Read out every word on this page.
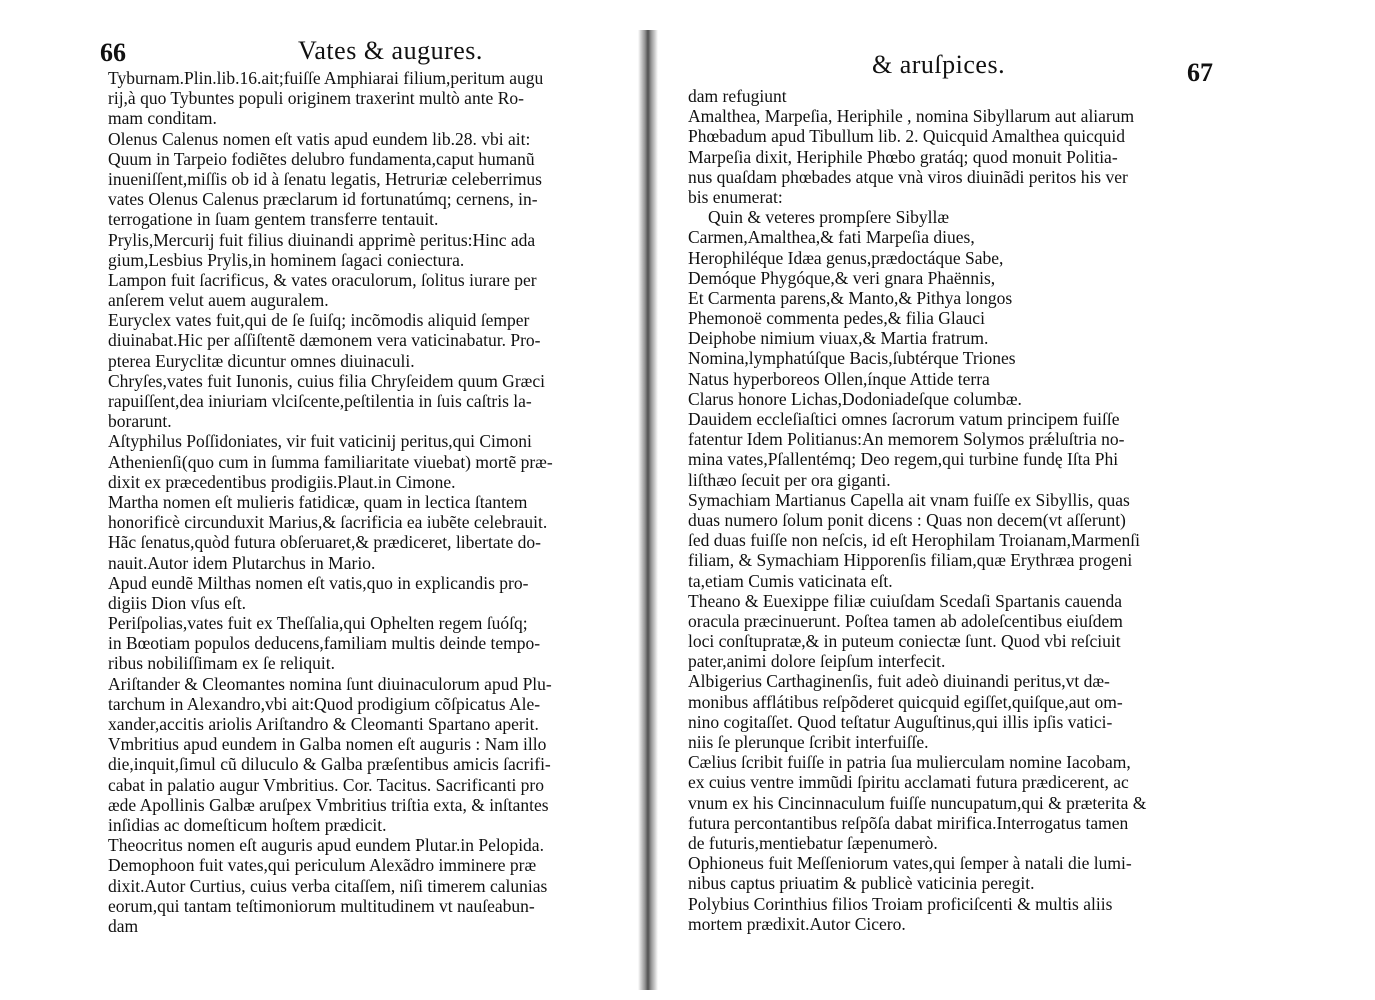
66	Vates & augures.
Tyburnam.Plin.lib.16.ait;fuiſſe Amphiarai filium,peritum augu
rij,à quo Tybuntes populi originem traxerint multò ante Ro-
mam conditam.
Olenus Calenus nomen eſt vatis apud eundem lib.28. vbi ait:
Quum in Tarpeio fodiẽtes delubro fundamenta,caput humanũ
inueniſſent,miſſis ob id à ſenatu legatis, Hetruriæ celeberrimus
vates Olenus Calenus præclarum id fortunatúmq; cernens, in-
terrogatione in ſuam gentem transferre tentauit.
Prylis,Mercurij fuit filius diuinandi apprimè peritus:Hinc ada
gium,Lesbius Prylis,in hominem ſagaci coniectura.
Lampon fuit ſacrificus, & vates oraculorum, ſolitus iurare per
anſerem velut auem auguralem.
Euryclex vates fuit,qui de ſe ſuiſq; incõmodis aliquid ſemper
diuinabat.Hic per aſſiſtentẽ dæmonem vera vaticinabatur. Pro-
pterea Euryclitæ dicuntur omnes diuinaculi.
Chryſes,vates fuit Iunonis, cuius filia Chryſeidem quum Græci
rapuiſſent,dea iniuriam vlciſcente,peſtilentia in ſuis caſtris la-
borarunt.
Aſtyphilus Poſſidoniates, vir fuit vaticinij peritus,qui Cimoni
Athenienſi(quo cum in ſumma familiaritate viuebat) mortẽ præ-
dixit ex præcedentibus prodigiis.Plaut.in Cimone.
Martha nomen eſt mulieris fatidicæ, quam in lectica ſtantem
honorificè circunduxit Marius,& ſacrificia ea iubẽte celebrauit.
Hãc ſenatus,quòd futura obſeruaret,& prædiceret, libertate do-
nauit.Autor idem Plutarchus in Mario.
Apud eundẽ Milthas nomen eſt vatis,quo in explicandis pro-
digiis Dion vſus eſt.
Periſpolias,vates fuit ex Theſſalia,qui Ophelten regem ſuóſq;
in Bœotiam populos deducens,familiam multis deinde tempo-
ribus nobiliſſimam ex ſe reliquit.
Ariſtander & Cleomantes nomina ſunt diuinaculorum apud Plu-
tarchum in Alexandro,vbi ait:Quod prodigium cõſpicatus Ale-
xander,accitis ariolis Ariſtandro & Cleomanti Spartano aperit.
Vmbritius apud eundem in Galba nomen eſt auguris : Nam illo
die,inquit,ſimul cũ diluculo & Galba præſentibus amicis ſacrifi-
cabat in palatio augur Vmbritius. Cor. Tacitus. Sacrificanti pro
æde Apollinis Galbæ aruſpex Vmbritius triſtia exta, & inſtantes
inſidias ac domeſticum hoſtem prædicit.
Theocritus nomen eſt auguris apud eundem Plutar.in Pelopida.
Demophoon fuit vates,qui periculum Alexãdro imminere præ
dixit.Autor Curtius, cuius verba citaſſem, niſi timerem calunias
eorum,qui tantam teſtimoniorum multitudinem vt nauſeabun-
dam
& aruſpices.	67
dam refugiunt
Amalthea, Marpeſia, Heriphile , nomina Sibyllarum aut aliarum
Phœbadum apud Tibullum lib. 2. Quicquid Amalthea quicquid
Marpeſia dixit, Heriphile Phœbo gratáq; quod monuit Politia-
nus quaſdam phœbades atque vnà viros diuinãdi peritos his ver
bis enumerat:
Quin & veteres prompſere Sibyllæ
Carmen,Amalthea,& fati Marpeſia diues,
Herophiléque Idæa genus,prædoctáque Sabe,
Demóque Phygóque,& veri gnara Phaënnis,
Et Carmenta parens,& Manto,& Pithya longos
Phemonoë commenta pedes,& filia Glauci
Deiphobe nimium viuax,& Martia fratrum.
Nomina,lymphatúſque Bacis,ſubtérque Triones
Natus hyperboreos Ollen,ínque Attide terra
Clarus honore Lichas,Dodoniadeſque columbæ.
Dauidem eccleſiaſtici omnes ſacrorum vatum principem fuiſſe
fatentur Idem Politianus:An memorem Solymos prǽluſtria no-
mina vates,Pſallentémq; Deo regem,qui turbine fundę Iſta Phi
liſthæo ſecuit per ora giganti.
Symachiam Martianus Capella ait vnam fuiſſe ex Sibyllis, quas
duas numero ſolum ponit dicens : Quas non decem(vt aſſerunt)
ſed duas fuiſſe non neſcis, id eſt Herophilam Troianam,Marmenſi
filiam, & Symachiam Hipporenſis filiam,quæ Erythræa progeni
ta,etiam Cumis vaticinata eſt.
Theano & Euexippe filiæ cuiuſdam Scedaſi Spartanis cauenda
oracula præcinuerunt. Poſtea tamen ab adoleſcentibus eiuſdem
loci conſtupratæ,& in puteum coniectæ ſunt. Quod vbi reſciuit
pater,animi dolore ſeipſum interfecit.
Albigerius Carthaginenſis, fuit adeò diuinandi peritus,vt dæ-
monibus afflátibus reſpõderet quicquid egiſſet,quiſque,aut om-
nino cogitaſſet. Quod teſtatur Auguſtinus,qui illis ipſis vatici-
niis ſe plerunque ſcribit interfuiſſe.
Cælius ſcribit fuiſſe in patria ſua mulierculam nomine Iacobam,
ex cuius ventre immũdi ſpiritu acclamati futura prædicerent, ac
vnum ex his Cincinnaculum fuiſſe nuncupatum,qui & præterita &
futura percontantibus reſpõſa dabat mirifica.Interrogatus tamen
de futuris,mentiebatur ſæpenumerò.
Ophioneus fuit Meſſeniorum vates,qui ſemper à natali die lumi-
nibus captus priuatim & publicè vaticinia peregit.
Polybius Corinthius filios Troiam proficiſcenti & multis aliis
mortem prædixit.Autor Cicero.
